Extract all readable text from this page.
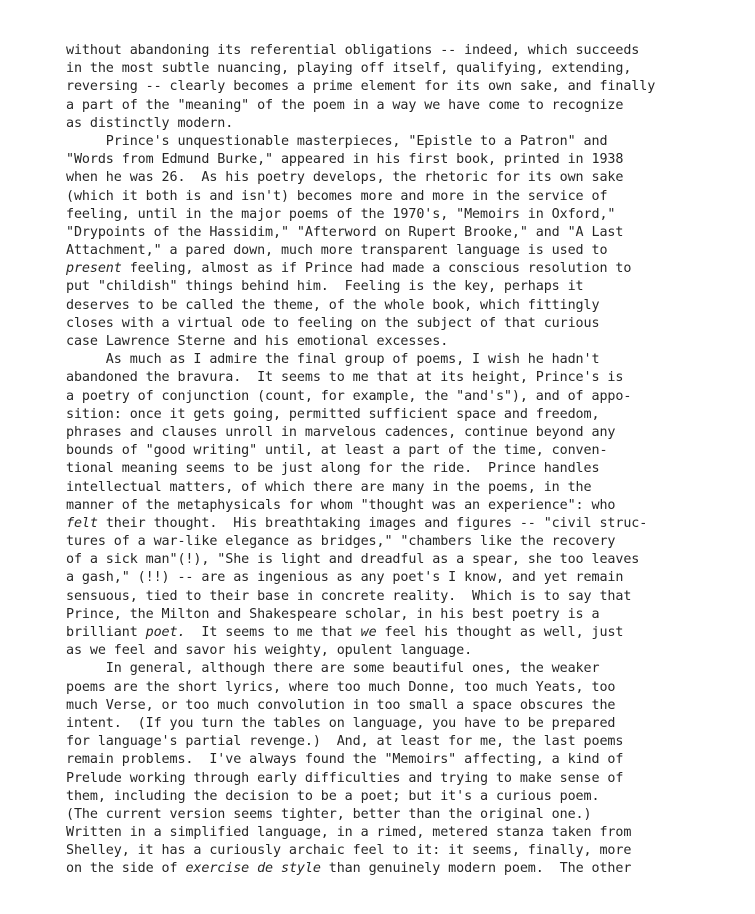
without abandoning its referential obligations -- indeed, which succeeds
in the most subtle nuancing, playing off itself, qualifying, extending,
reversing -- clearly becomes a prime element for its own sake, and finally
a part of the "meaning" of the poem in a way we have come to recognize
as distinctly modern.
Prince's unquestionable masterpieces, "Epistle to a Patron" and
"Words from Edmund Burke," appeared in his first book, printed in 1938
when he was 26.  As his poetry develops, the rhetoric for its own sake
(which it both is and isn't) becomes more and more in the service of
feeling, until in the major poems of the 1970's, "Memoirs in Oxford,"
"Drypoints of the Hassidim," "Afterword on Rupert Brooke," and "A Last
Attachment," a pared down, much more transparent language is used to
present feeling, almost as if Prince had made a conscious resolution to
put "childish" things behind him.  Feeling is the key, perhaps it
deserves to be called the theme, of the whole book, which fittingly
closes with a virtual ode to feeling on the subject of that curious
case Lawrence Sterne and his emotional excesses.
As much as I admire the final group of poems, I wish he hadn't
abandoned the bravura.  It seems to me that at its height, Prince's is
a poetry of conjunction (count, for example, the "and's"), and of appo-
sition: once it gets going, permitted sufficient space and freedom,
phrases and clauses unroll in marvelous cadences, continue beyond any
bounds of "good writing" until, at least a part of the time, conven-
tional meaning seems to be just along for the ride.  Prince handles
intellectual matters, of which there are many in the poems, in the
manner of the metaphysicals for whom "thought was an experience": who
felt their thought.  His breathtaking images and figures -- "civil struc-
tures of a war-like elegance as bridges," "chambers like the recovery
of a sick man"(!), "She is light and dreadful as a spear, she too leaves
a gash," (!!) -- are as ingenious as any poet's I know, and yet remain
sensuous, tied to their base in concrete reality.  Which is to say that
Prince, the Milton and Shakespeare scholar, in his best poetry is a
brilliant poet.  It seems to me that we feel his thought as well, just
as we feel and savor his weighty, opulent language.
In general, although there are some beautiful ones, the weaker
poems are the short lyrics, where too much Donne, too much Yeats, too
much Verse, or too much convolution in too small a space obscures the
intent.  (If you turn the tables on language, you have to be prepared
for language's partial revenge.)  And, at least for me, the last poems
remain problems.  I've always found the "Memoirs" affecting, a kind of
Prelude working through early difficulties and trying to make sense of
them, including the decision to be a poet; but it's a curious poem.
(The current version seems tighter, better than the original one.)
Written in a simplified language, in a rimed, metered stanza taken from
Shelley, it has a curiously archaic feel to it: it seems, finally, more
on the side of exercise de style than genuinely modern poem.  The other
